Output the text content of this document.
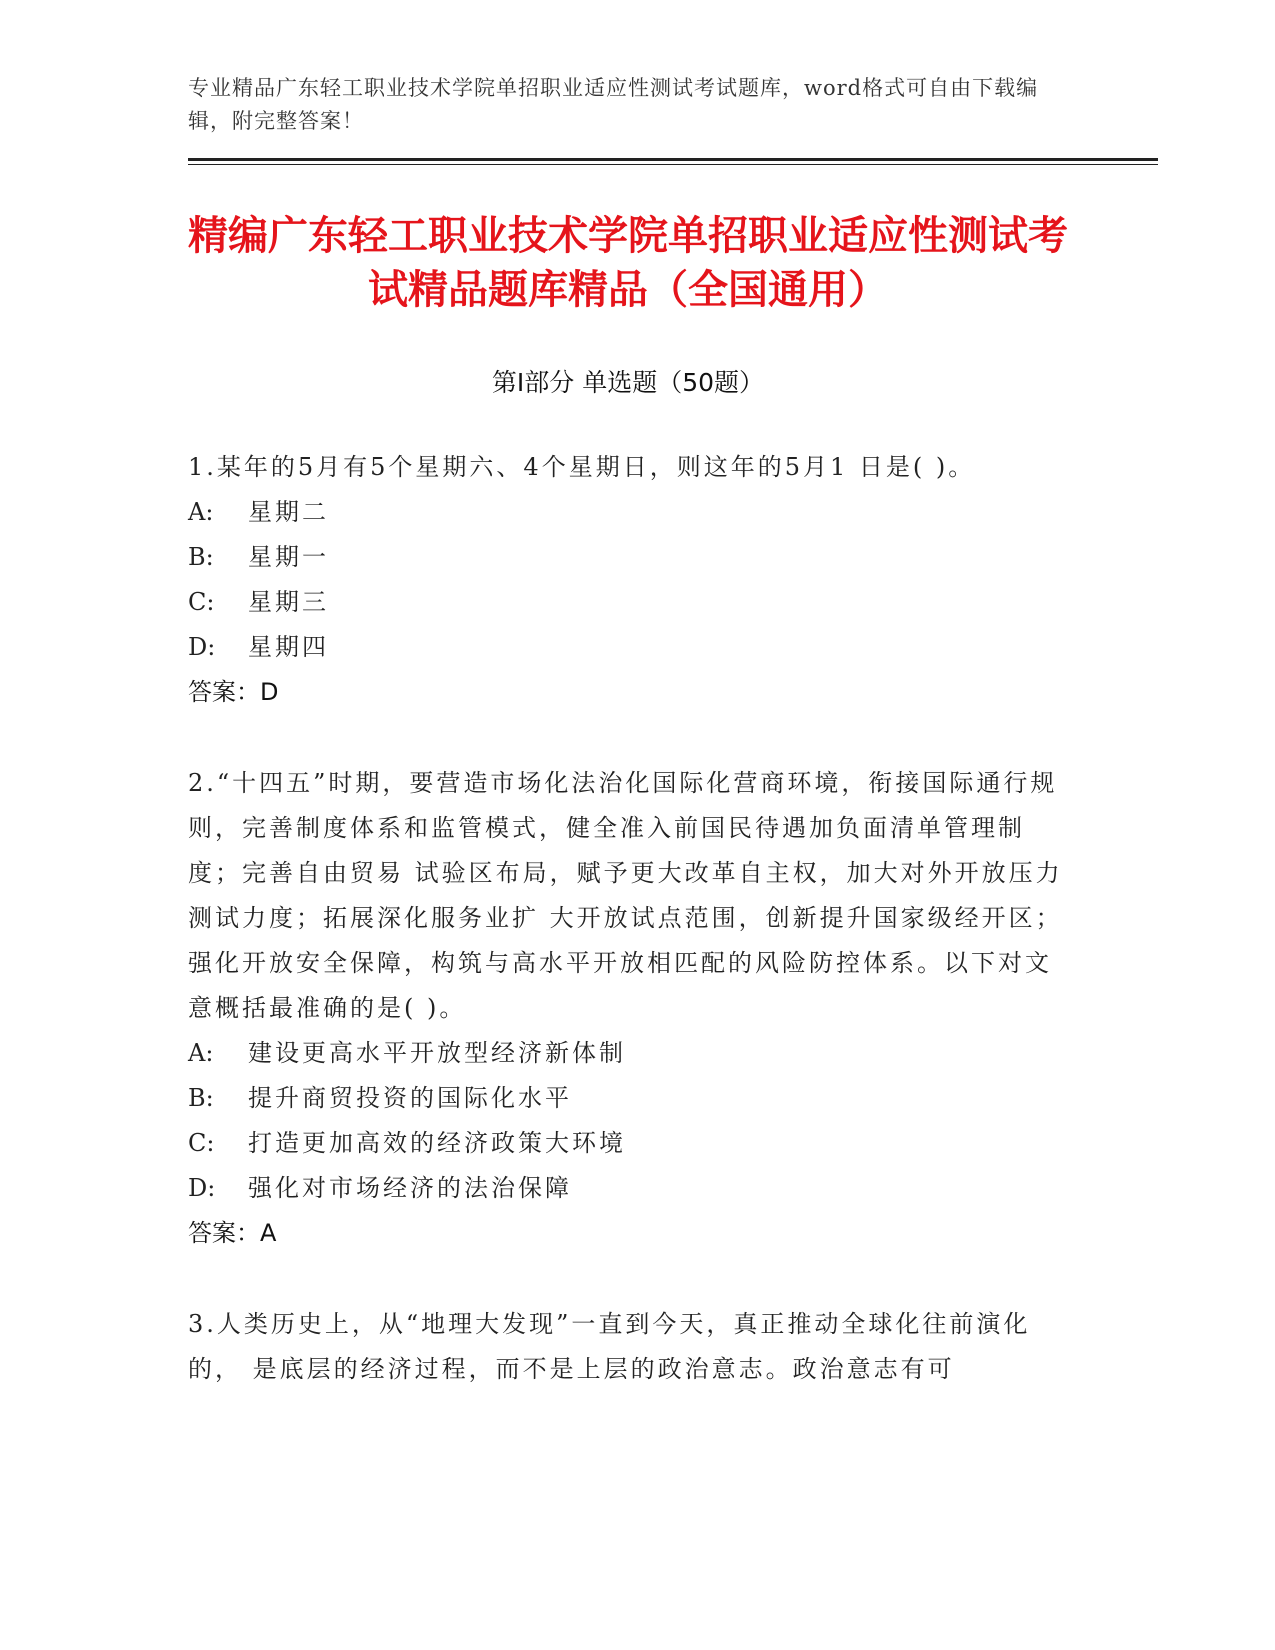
专业精品广东轻工职业技术学院单招职业适应性测试考试题库，word格式可自由下载编辑，附完整答案！
精编广东轻工职业技术学院单招职业适应性测试考试精品题库精品（全国通用）
第Ⅰ部分 单选题（50题）
1.某年的5月有5个星期六、4个星期日，则这年的5月1 日是( )。
A:	星期二
B:	星期一
C:	星期三
D:	星期四
答案：D
2.“十四五”时期，要营造市场化法治化国际化营商环境，衔接国际通行规则，完善制度体系和监管模式，健全准入前国民待遇加负面清单管理制度；完善自由贸易 试验区布局，赋予更大改革自主权，加大对外开放压力测试力度；拓展深化服务业扩 大开放试点范围，创新提升国家级经开区；强化开放安全保障，构筑与高水平开放相匹配的风险防控体系。以下对文意概括最准确的是( )。
A:	建设更高水平开放型经济新体制
B:	提升商贸投资的国际化水平
C:	打造更加高效的经济政策大环境
D:	强化对市场经济的法治保障
答案：A
3.人类历史上，从“地理大发现”一直到今天，真正推动全球化往前演化的， 是底层的经济过程，而不是上层的政治意志。政治意志有可
